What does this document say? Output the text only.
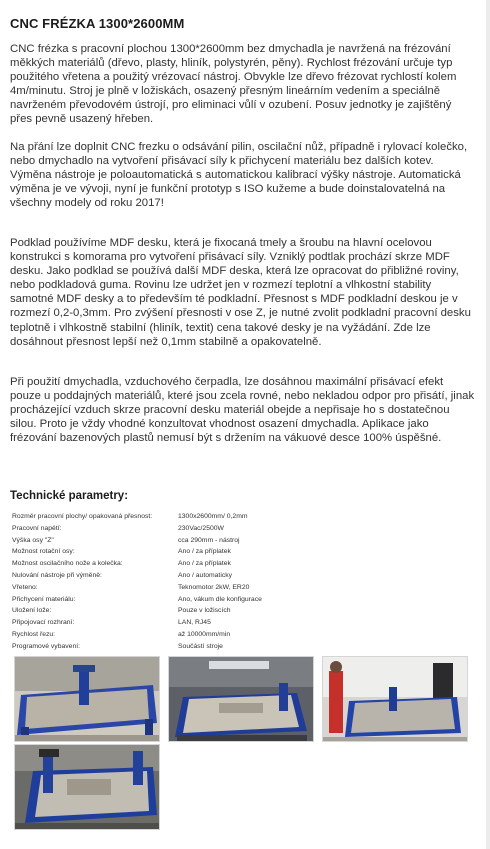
CNC FRÉZKA 1300*2600MM

CNC frézka s pracovní plochou 1300*2600mm bez dmychadla je navržená na frézování měkkých materiálů (dřevo, plasty, hliník, polystyrén, pěny). Rychlost frézování určuje typ použitého vřetena a použitý vrézovací nástroj. Obvykle lze dřevo frézovat rychlostí kolem 4m/minutu. Stroj je plně v ložiskách, osazený přesným lineárním vedením a speciálně navrženém převodovém ústrojí, pro eliminaci vůlí v ozubení. Posuv jednotky je zajištěný přes pevně usazený hřeben.

Na přání lze doplnit CNC frezku o odsávání pilin, oscilační nůž, případně i rylovací kolečko, nebo dmychadlo na vytvoření přisávací síly k přichycení materiálu bez dalších kotev. Výměna nástroje je poloautomatická s automatickou kalibrací výšky nástroje. Automatická výměna je ve vývoji, nyní je funkční prototyp s ISO kužeme a bude doinstalovatelná na všechny modely od roku 2017!

Podklad používíme MDF desku, která je fixocaná tmely a šroubu na hlavní ocelovou konstrukci s komorama pro vytvoření přisávací síly. Vzniklý podtlak prochází skrze MDF desku. Jako podklad se používá další MDF deska, která lze opracovat do přibližné roviny, nebo podkladová guma. Rovinu lze udržet jen v rozmezí teplotní a vlhkostní stability samotné MDF desky a to především té podkladní. Přesnost s MDF podkladní deskou je v rozmezí 0,2-0,3mm. Pro zvýšení přesnosti v ose Z, je nutné zvolit podkladní pracovní desku teplotně i vlhkostně stabilní (hliník, textit) cena takové desky je na vyžádání. Zde lze dosáhnout přesnost lepší než 0,1mm stabilně a opakovatelně.

Při použití dmychadla, vzduchového čerpadla, lze dosáhnou maximální přisávací efekt pouze u poddajných materiálů, které jsou zcela rovné, nebo nekladou odpor pro přisátí, jinak procházející vzduch skrze pracovní desku materiál obejde a nepřisaje ho s dostatečnou silou. Proto je vždy vhodné konzultovat vhodnost osazení dmychadla. Aplikace jako frézování bazenových plastů nemusí být s držením na vákuové desce 100% úspěšné.

Technické parametry:
Rozměr pracovní plochy/ opakovaná přesnost:	1300x2600mm/ 0,2mm
Pracovní napětí:	230Vac/2500W
Výška osy "Z"	cca 290mm - nástroj
Možnost rotační osy:	Ano / za příplatek
Možnost oscilačního nože a kolečka:	Ano / za příplatek
Nulování nástroje při výměně:	Ano / automaticky
Vřeteno:	Teknomotor 2kW, ER20
Přichycení materiálu:	Ano, vákum dle konfigurace
Uložení lože:	Pouze v ložiscích
Připojovací rozhraní:	LAN, RJ45
Rychlost řezu:	až 10000mm/min
Programové vybavení:	Součástí stroje
